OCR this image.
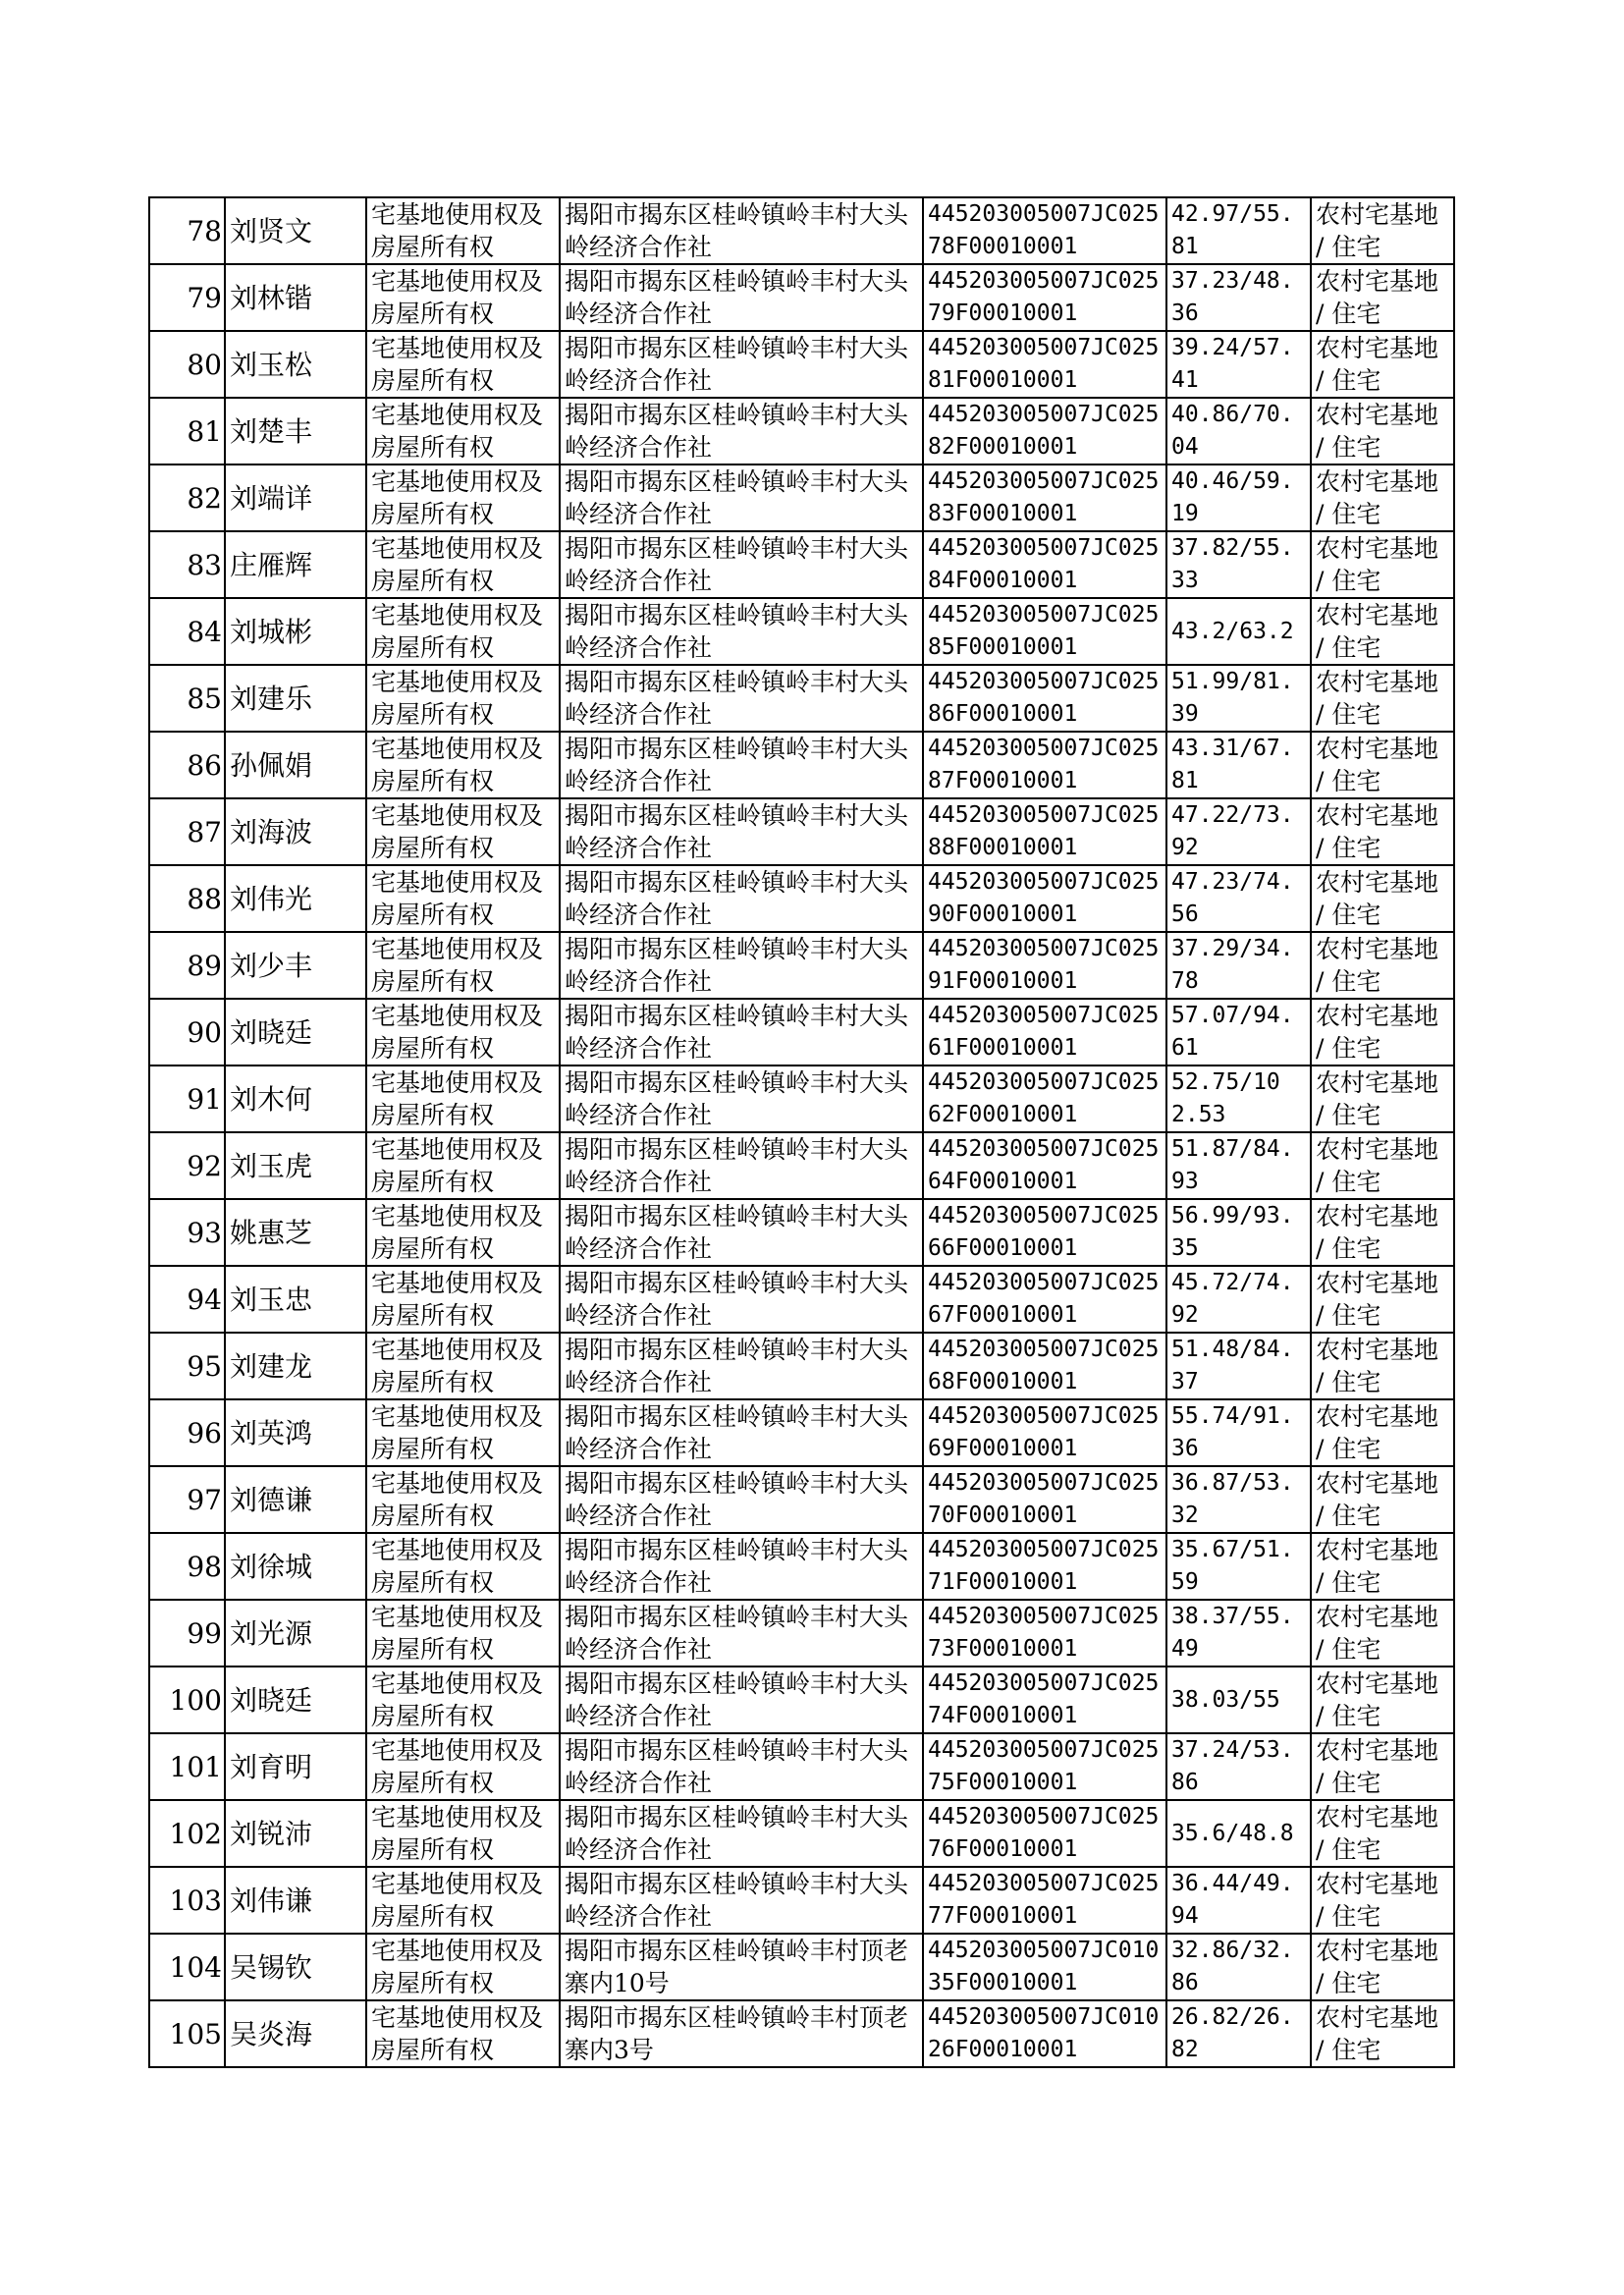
78	刘贤文	宅基地使用权及房屋所有权	揭阳市揭东区桂岭镇岭丰村大头岭经济合作社	445203005007JC02578F00010001	42.97/55.81	农村宅基地 / 住宅
79	刘林锴	宅基地使用权及房屋所有权	揭阳市揭东区桂岭镇岭丰村大头岭经济合作社	445203005007JC02579F00010001	37.23/48.36	农村宅基地 / 住宅
80	刘玉松	宅基地使用权及房屋所有权	揭阳市揭东区桂岭镇岭丰村大头岭经济合作社	445203005007JC02581F00010001	39.24/57.41	农村宅基地 / 住宅
81	刘楚丰	宅基地使用权及房屋所有权	揭阳市揭东区桂岭镇岭丰村大头岭经济合作社	445203005007JC02582F00010001	40.86/70.04	农村宅基地 / 住宅
82	刘端详	宅基地使用权及房屋所有权	揭阳市揭东区桂岭镇岭丰村大头岭经济合作社	445203005007JC02583F00010001	40.46/59.19	农村宅基地 / 住宅
83	庄雁辉	宅基地使用权及房屋所有权	揭阳市揭东区桂岭镇岭丰村大头岭经济合作社	445203005007JC02584F00010001	37.82/55.33	农村宅基地 / 住宅
84	刘城彬	宅基地使用权及房屋所有权	揭阳市揭东区桂岭镇岭丰村大头岭经济合作社	445203005007JC02585F00010001	43.2/63.2	农村宅基地 / 住宅
85	刘建乐	宅基地使用权及房屋所有权	揭阳市揭东区桂岭镇岭丰村大头岭经济合作社	445203005007JC02586F00010001	51.99/81.39	农村宅基地 / 住宅
86	孙佩娟	宅基地使用权及房屋所有权	揭阳市揭东区桂岭镇岭丰村大头岭经济合作社	445203005007JC02587F00010001	43.31/67.81	农村宅基地 / 住宅
87	刘海波	宅基地使用权及房屋所有权	揭阳市揭东区桂岭镇岭丰村大头岭经济合作社	445203005007JC02588F00010001	47.22/73.92	农村宅基地 / 住宅
88	刘伟光	宅基地使用权及房屋所有权	揭阳市揭东区桂岭镇岭丰村大头岭经济合作社	445203005007JC02590F00010001	47.23/74.56	农村宅基地 / 住宅
89	刘少丰	宅基地使用权及房屋所有权	揭阳市揭东区桂岭镇岭丰村大头岭经济合作社	445203005007JC02591F00010001	37.29/34.78	农村宅基地 / 住宅
90	刘晓廷	宅基地使用权及房屋所有权	揭阳市揭东区桂岭镇岭丰村大头岭经济合作社	445203005007JC02561F00010001	57.07/94.61	农村宅基地 / 住宅
91	刘木何	宅基地使用权及房屋所有权	揭阳市揭东区桂岭镇岭丰村大头岭经济合作社	445203005007JC02562F00010001	52.75/102.53	农村宅基地 / 住宅
92	刘玉虎	宅基地使用权及房屋所有权	揭阳市揭东区桂岭镇岭丰村大头岭经济合作社	445203005007JC02564F00010001	51.87/84.93	农村宅基地 / 住宅
93	姚惠芝	宅基地使用权及房屋所有权	揭阳市揭东区桂岭镇岭丰村大头岭经济合作社	445203005007JC02566F00010001	56.99/93.35	农村宅基地 / 住宅
94	刘玉忠	宅基地使用权及房屋所有权	揭阳市揭东区桂岭镇岭丰村大头岭经济合作社	445203005007JC02567F00010001	45.72/74.92	农村宅基地 / 住宅
95	刘建龙	宅基地使用权及房屋所有权	揭阳市揭东区桂岭镇岭丰村大头岭经济合作社	445203005007JC02568F00010001	51.48/84.37	农村宅基地 / 住宅
96	刘英鸿	宅基地使用权及房屋所有权	揭阳市揭东区桂岭镇岭丰村大头岭经济合作社	445203005007JC02569F00010001	55.74/91.36	农村宅基地 / 住宅
97	刘德谦	宅基地使用权及房屋所有权	揭阳市揭东区桂岭镇岭丰村大头岭经济合作社	445203005007JC02570F00010001	36.87/53.32	农村宅基地 / 住宅
98	刘徐城	宅基地使用权及房屋所有权	揭阳市揭东区桂岭镇岭丰村大头岭经济合作社	445203005007JC02571F00010001	35.67/51.59	农村宅基地 / 住宅
99	刘光源	宅基地使用权及房屋所有权	揭阳市揭东区桂岭镇岭丰村大头岭经济合作社	445203005007JC02573F00010001	38.37/55.49	农村宅基地 / 住宅
100	刘晓廷	宅基地使用权及房屋所有权	揭阳市揭东区桂岭镇岭丰村大头岭经济合作社	445203005007JC02574F00010001	38.03/55	农村宅基地 / 住宅
101	刘育明	宅基地使用权及房屋所有权	揭阳市揭东区桂岭镇岭丰村大头岭经济合作社	445203005007JC02575F00010001	37.24/53.86	农村宅基地 / 住宅
102	刘锐沛	宅基地使用权及房屋所有权	揭阳市揭东区桂岭镇岭丰村大头岭经济合作社	445203005007JC02576F00010001	35.6/48.8	农村宅基地 / 住宅
103	刘伟谦	宅基地使用权及房屋所有权	揭阳市揭东区桂岭镇岭丰村大头岭经济合作社	445203005007JC02577F00010001	36.44/49.94	农村宅基地 / 住宅
104	吴锡钦	宅基地使用权及房屋所有权	揭阳市揭东区桂岭镇岭丰村顶老寨内10号	445203005007JC01035F00010001	32.86/32.86	农村宅基地 / 住宅
105	吴炎海	宅基地使用权及房屋所有权	揭阳市揭东区桂岭镇岭丰村顶老寨内3号	445203005007JC01026F00010001	26.82/26.82	农村宅基地 / 住宅
